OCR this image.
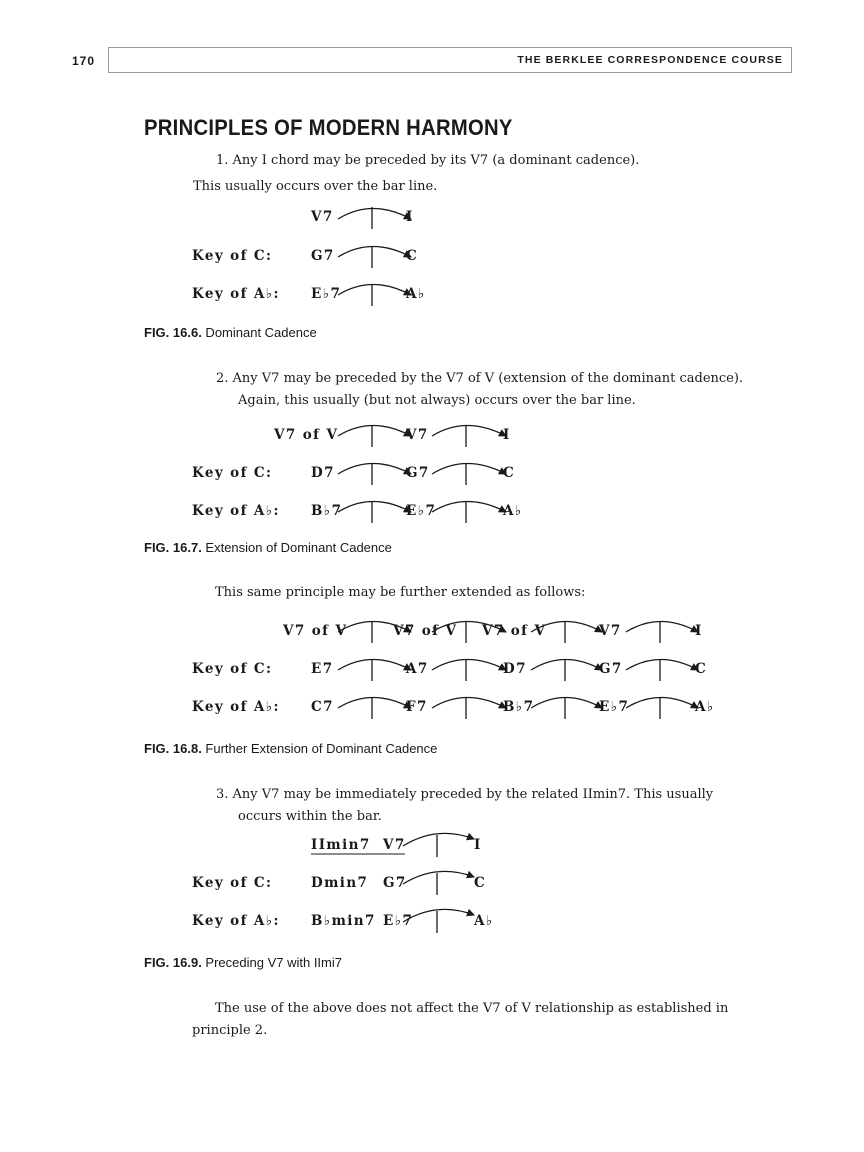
170	THE BERKLEE CORRESPONDENCE COURSE
PRINCIPLES OF MODERN HARMONY
1. Any I chord may be preceded by its V7 (a dominant cadence).
This usually occurs over the bar line.
V7	I
Key of C:	G7	C
Key of A♭: E♭7	A♭
FIG. 16.6. Dominant Cadence
2. Any V7 may be preceded by the V7 of V (extension of the dominant cadence).
Again, this usually (but not always) occurs over the bar line.
V7 of V	V7	I
Key of C:	D7	G7	C
Key of A♭: B♭7	E♭7	A♭
FIG. 16.7. Extension of Dominant Cadence
This same principle may be further extended as follows:
V7 of V	V7 of V V7 of V	V7	I
Key of C:	E7	A7	D7	G7	C
Key of A♭: C7	F7	B♭7	E♭7	A♭
FIG. 16.8. Further Extension of Dominant Cadence
3. Any V7 may be immediately preceded by the related IImin7. This usually
occurs within the bar.
IImin7 V7	I
Key of C:	Dmin7 G7	C
Key of A♭: B♭min7 E♭7	A♭
FIG. 16.9. Preceding V7 with IImi7
The use of the above does not affect the V7 of V relationship as established in
principle 2.
